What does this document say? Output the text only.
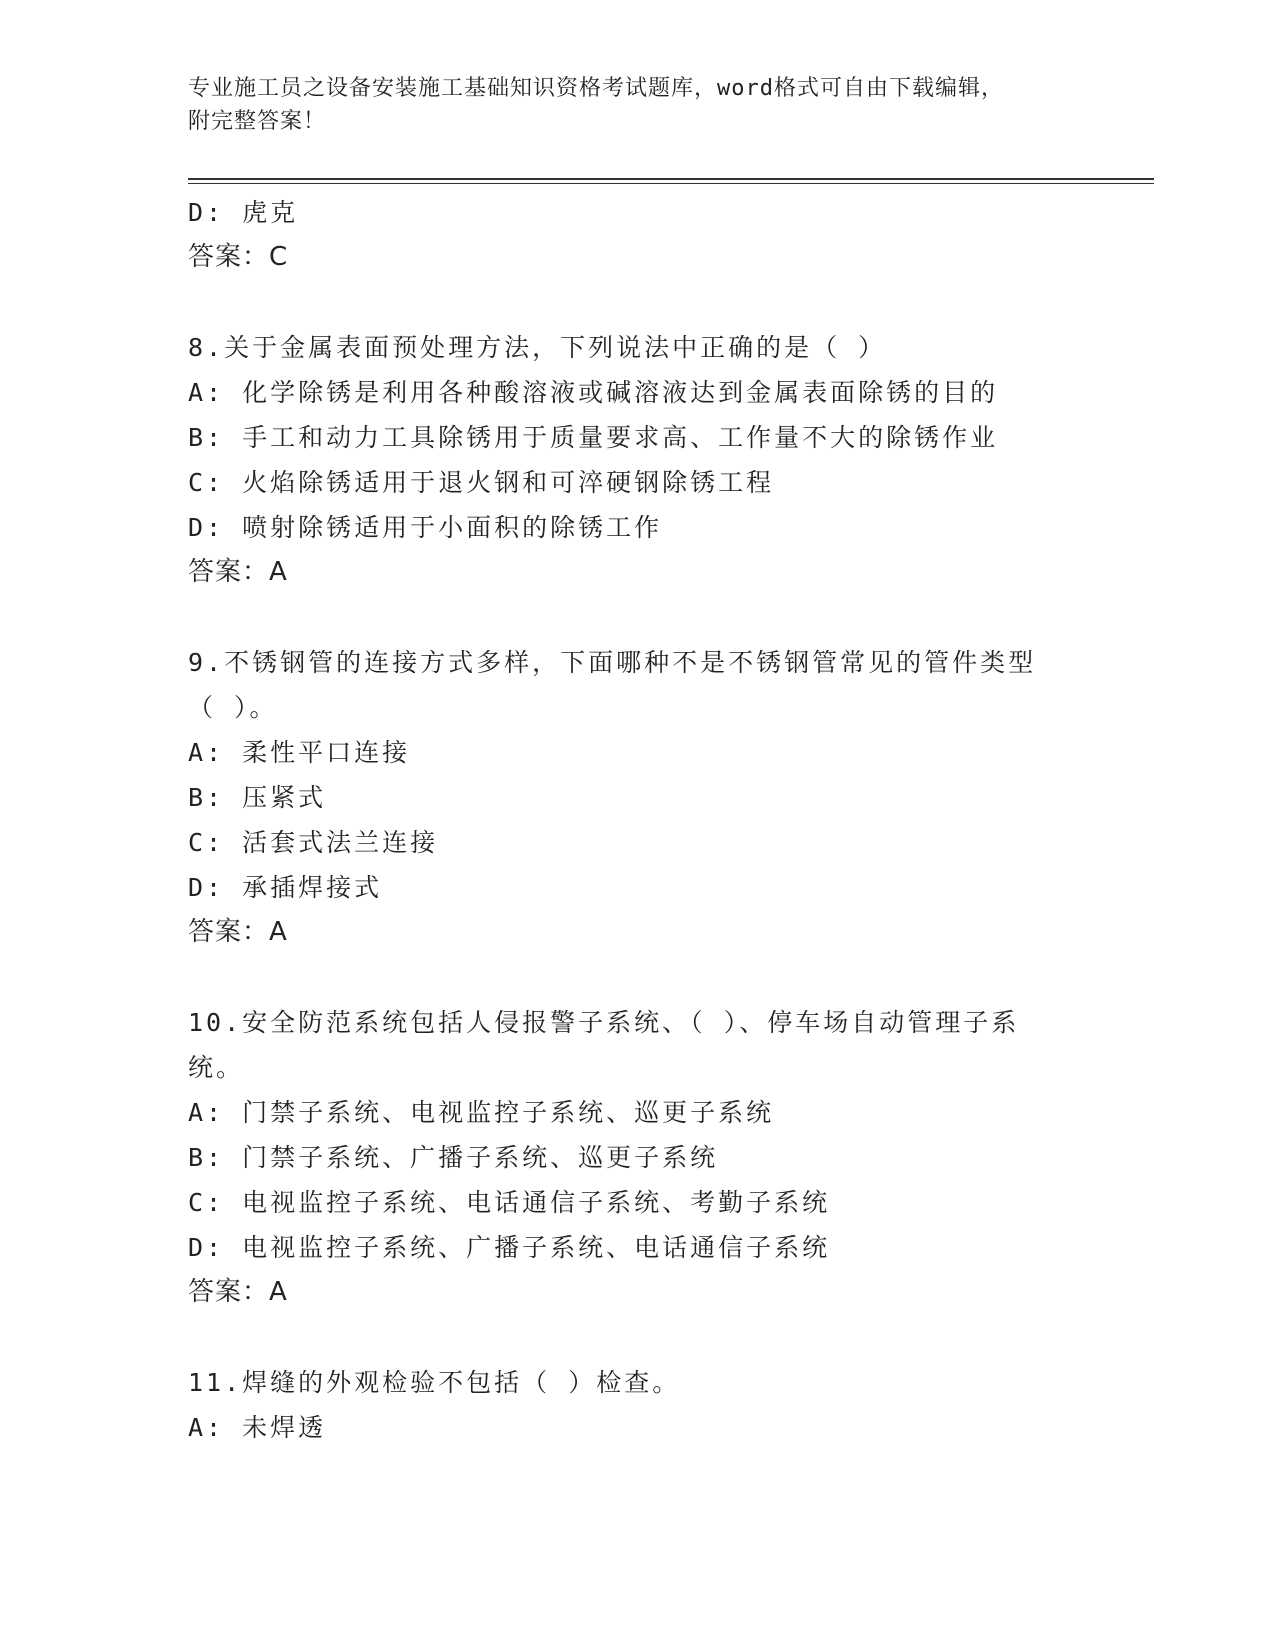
专业施工员之设备安装施工基础知识资格考试题库，word格式可自由下载编辑，
附完整答案！
D: 虎克
答案：C
8.关于金属表面预处理方法，下列说法中正确的是（ ）
A: 化学除锈是利用各种酸溶液或碱溶液达到金属表面除锈的目的
B: 手工和动力工具除锈用于质量要求高、工作量不大的除锈作业
C: 火焰除锈适用于退火钢和可淬硬钢除锈工程
D: 喷射除锈适用于小面积的除锈工作
答案：A
9.不锈钢管的连接方式多样，下面哪种不是不锈钢管常见的管件类型
（ ）。
A: 柔性平口连接
B: 压紧式
C: 活套式法兰连接
D: 承插焊接式
答案：A
10.安全防范系统包括人侵报警子系统、（ ）、停车场自动管理子系
统。
A: 门禁子系统、电视监控子系统、巡更子系统
B: 门禁子系统、广播子系统、巡更子系统
C: 电视监控子系统、电话通信子系统、考勤子系统
D: 电视监控子系统、广播子系统、电话通信子系统
答案：A
11.焊缝的外观检验不包括（ ）检查。
A: 未焊透
